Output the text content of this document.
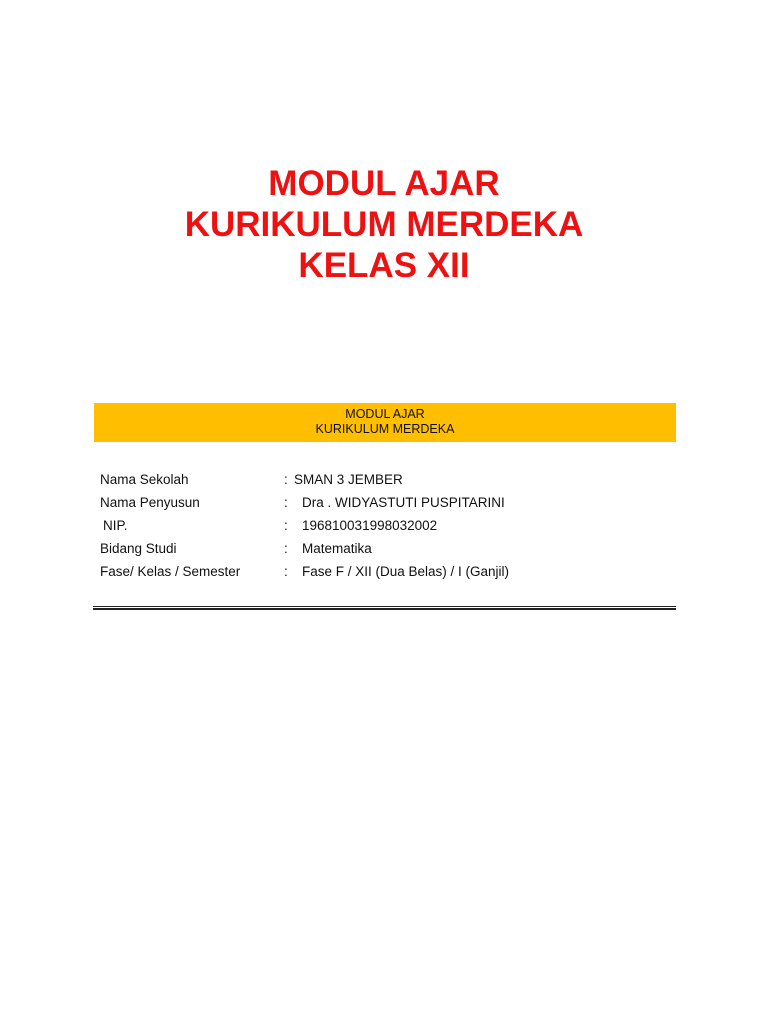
MODUL AJAR
KURIKULUM MERDEKA
KELAS XII
MODUL AJAR
KURIKULUM MERDEKA
Nama Sekolah	: SMAN 3 JEMBER
Nama Penyusun	: Dra . WIDYASTUTI PUSPITARINI
NIP.	: 196810031998032002
Bidang Studi	: Matematika
Fase/ Kelas / Semester	: Fase F / XII (Dua Belas) / I (Ganjil)
